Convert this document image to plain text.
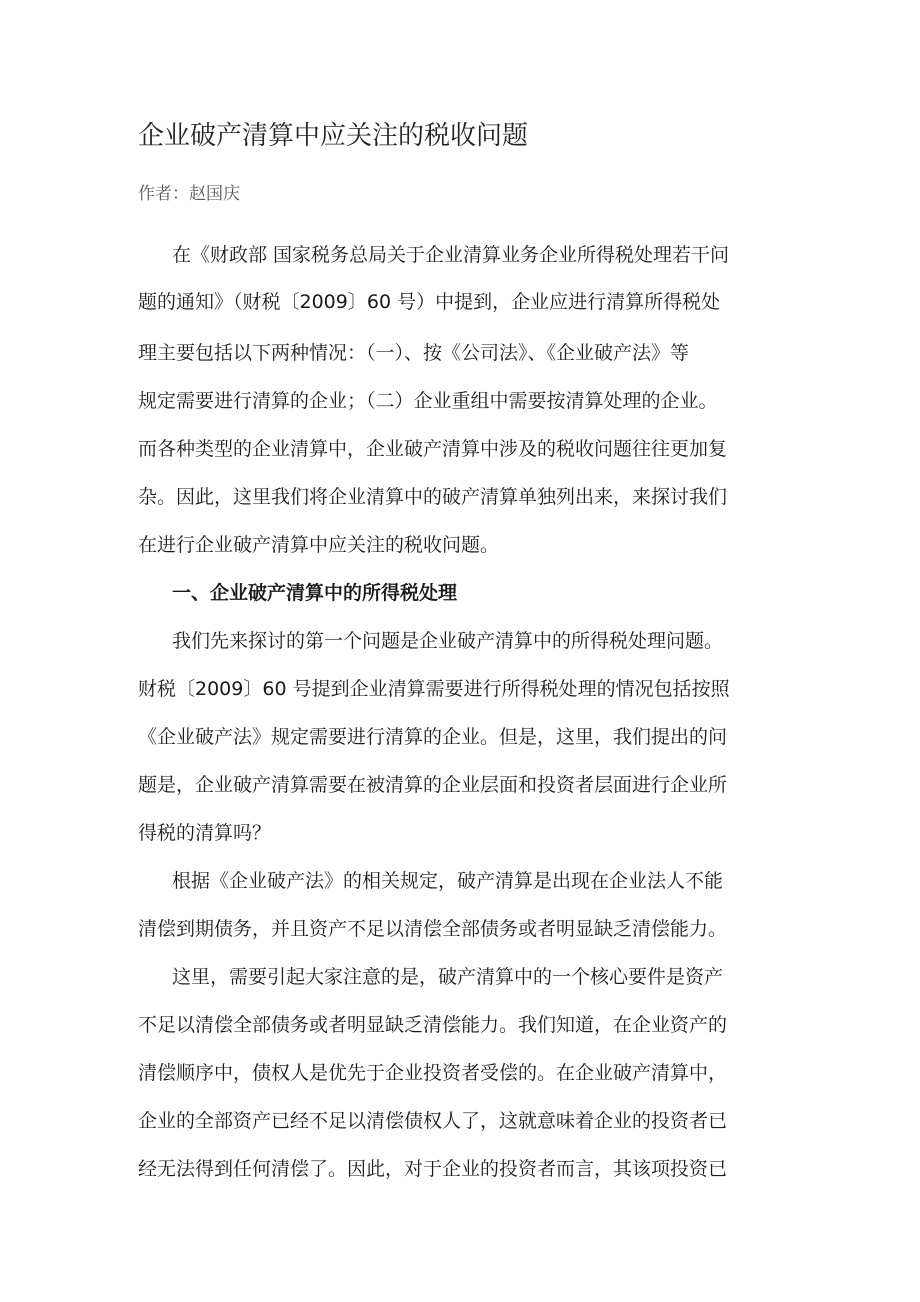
企业破产清算中应关注的税收问题
作者：赵国庆
在《财政部 国家税务总局关于企业清算业务企业所得税处理若干问
题的通知》（财税〔2009〕60 号）中提到，企业应进行清算所得税处
理主要包括以下两种情况：（一）、按《公司法》、《企业破产法》等
规定需要进行清算的企业；（二）企业重组中需要按清算处理的企业。
而各种类型的企业清算中，企业破产清算中涉及的税收问题往往更加复
杂。因此，这里我们将企业清算中的破产清算单独列出来，来探讨我们
在进行企业破产清算中应关注的税收问题。
一、企业破产清算中的所得税处理
我们先来探讨的第一个问题是企业破产清算中的所得税处理问题。
财税〔2009〕60 号提到企业清算需要进行所得税处理的情况包括按照
《企业破产法》规定需要进行清算的企业。但是，这里，我们提出的问
题是，企业破产清算需要在被清算的企业层面和投资者层面进行企业所
得税的清算吗？
根据《企业破产法》的相关规定，破产清算是出现在企业法人不能
清偿到期债务，并且资产不足以清偿全部债务或者明显缺乏清偿能力。
这里，需要引起大家注意的是，破产清算中的一个核心要件是资产
不足以清偿全部债务或者明显缺乏清偿能力。我们知道，在企业资产的
清偿顺序中，债权人是优先于企业投资者受偿的。在企业破产清算中，
企业的全部资产已经不足以清偿债权人了，这就意味着企业的投资者已
经无法得到任何清偿了。因此，对于企业的投资者而言，其该项投资已
